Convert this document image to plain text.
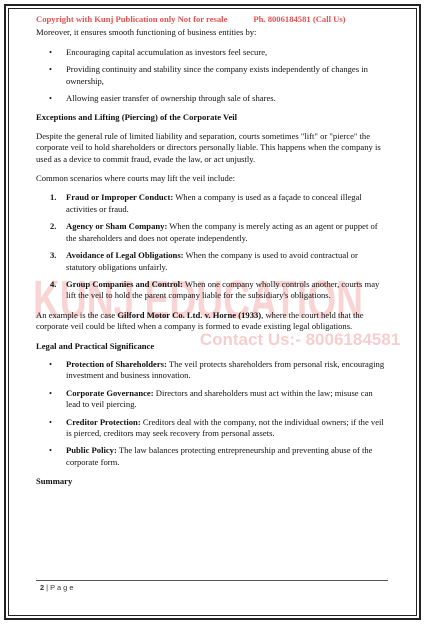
KUNJ EDUCATION
Contact Us:- 8006184581
Copyright with Kunj Publication only Not for resale	Ph. 8006184581 (Call Us)

Moreover, it ensures smooth functioning of business entities by:

• Encouraging capital accumulation as investors feel secure,
• Providing continuity and stability since the company exists independently of changes in ownership,
• Allowing easier transfer of ownership through sale of shares.
Exceptions and Lifting (Piercing) of the Corporate Veil

Despite the general rule of limited liability and separation, courts sometimes "lift" or "pierce" the corporate veil to hold shareholders or directors personally liable. This happens when the company is used as a device to commit fraud, evade the law, or act unjustly.

Common scenarios where courts may lift the veil include:

1. Fraud or Improper Conduct: When a company is used as a façade to conceal illegal activities or fraud.
2. Agency or Sham Company: When the company is merely acting as an agent or puppet of the shareholders and does not operate independently.
3. Avoidance of Legal Obligations: When the company is used to avoid contractual or statutory obligations unfairly.
4. Group Companies and Control: When one company wholly controls another, courts may lift the veil to hold the parent company liable for the subsidiary's obligations.

An example is the case Gilford Motor Co. Ltd. v. Horne (1933), where the court held that the corporate veil could be lifted when a company is formed to evade existing legal obligations.

Legal and Practical Significance
• Protection of Shareholders: The veil protects shareholders from personal risk, encouraging investment and business innovation.
• Corporate Governance: Directors and shareholders must act within the law; misuse can lead to veil piercing.
• Creditor Protection: Creditors deal with the company, not the individual owners; if the veil is pierced, creditors may seek recovery from personal assets.
• Public Policy: The law balances protecting entrepreneurship and preventing abuse of the corporate form.
Summary
2 | P a g e
